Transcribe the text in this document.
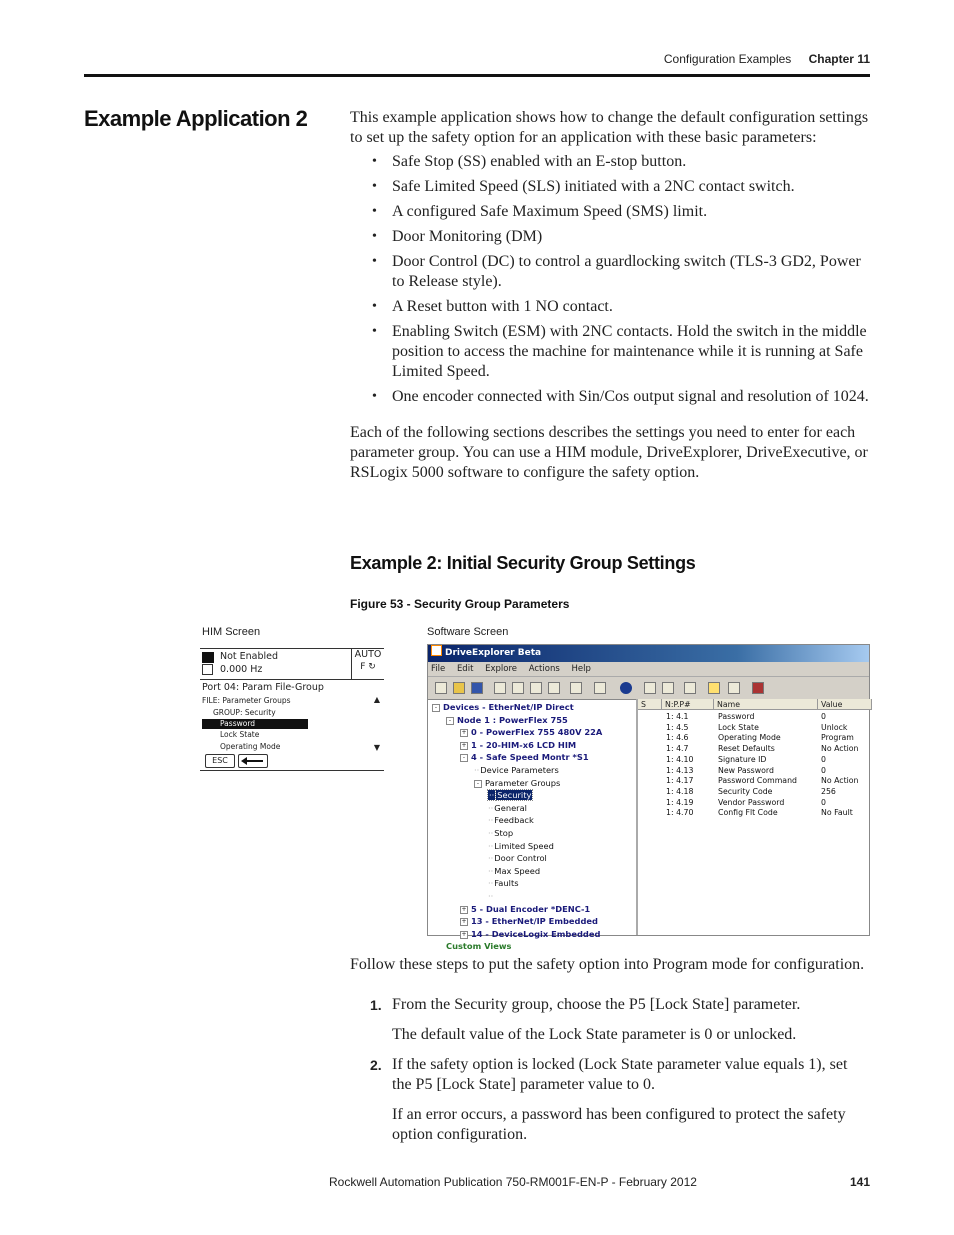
Configuration Examples Chapter 11
Example Application 2	This example application shows how to change the default configuration settings to set up the safety option for an application with these basic parameters:

• Safe Stop (SS) enabled with an E-stop button.
• Safe Limited Speed (SLS) initiated with a 2NC contact switch.
• A configured Safe Maximum Speed (SMS) limit.
• Door Monitoring (DM)
• Door Control (DC) to control a guardlocking switch (TLS-3 GD2, Power to Release style).
• A Reset button with 1 NO contact.
• Enabling Switch (ESM) with 2NC contacts. Hold the switch in the middle position to access the machine for maintenance while it is running at Safe Limited Speed.
• One encoder connected with Sin/Cos output signal and resolution of 1024.

Each of the following sections describes the settings you need to enter for each parameter group. You can use a HIM module, DriveExplorer, DriveExecutive, or RSLogix 5000 software to configure the safety option.

Example 2: Initial Security Group Settings
Figure 53 - Security Group Parameters
HIM Screen	Software Screen
Not Enabled
0.000 Hz
AUTO
F ↻
Port 04: Param File-Group
▲
FILE: Parameter Groups
GROUP: Security
Password
Lock State
Operating Mode	▼
ESC
DriveExplorer Beta
File Edit Explore Actions Help
- Devices - EtherNet/IP Direct
- Node 1 : PowerFlex 755
+ 0 - PowerFlex 755 480V 22A
+ 1 - 20-HIM-x6 LCD HIM
- 4 - Safe Speed Montr *S1
··Device Parameters
- Parameter Groups
·· Security
··General
··Feedback
··Stop
··Limited Speed
··Door Control
··Max Speed
··Faults
··
+ 5 - Dual Encoder *DENC-1
+ 13 - EtherNet/IP Embedded
+ 14 - DeviceLogix Embedded
Custom Views
S	N:P.P#	Name	Value
1: 4.1	Password	0
1: 4.5	Lock State	Unlock
1: 4.6	Operating Mode	Program
1: 4.7	Reset Defaults	No Action
1: 4.10	Signature ID	0
1: 4.13	New Password	0
1: 4.17	Password Command	No Action
1: 4.18	Security Code	256
1: 4.19	Vendor Password	0
1: 4.70	Config Flt Code	No Fault
Follow these steps to put the safety option into Program mode for configuration.

1. From the Security group, choose the P5 [Lock State] parameter.

The default value of the Lock State parameter is 0 or unlocked.

2. If the safety option is locked (Lock State parameter value equals 1), set the P5 [Lock State] parameter value to 0.

If an error occurs, a password has been configured to protect the safety option configuration.

Rockwell Automation Publication 750-RM001F-EN-P - February 2012	141
